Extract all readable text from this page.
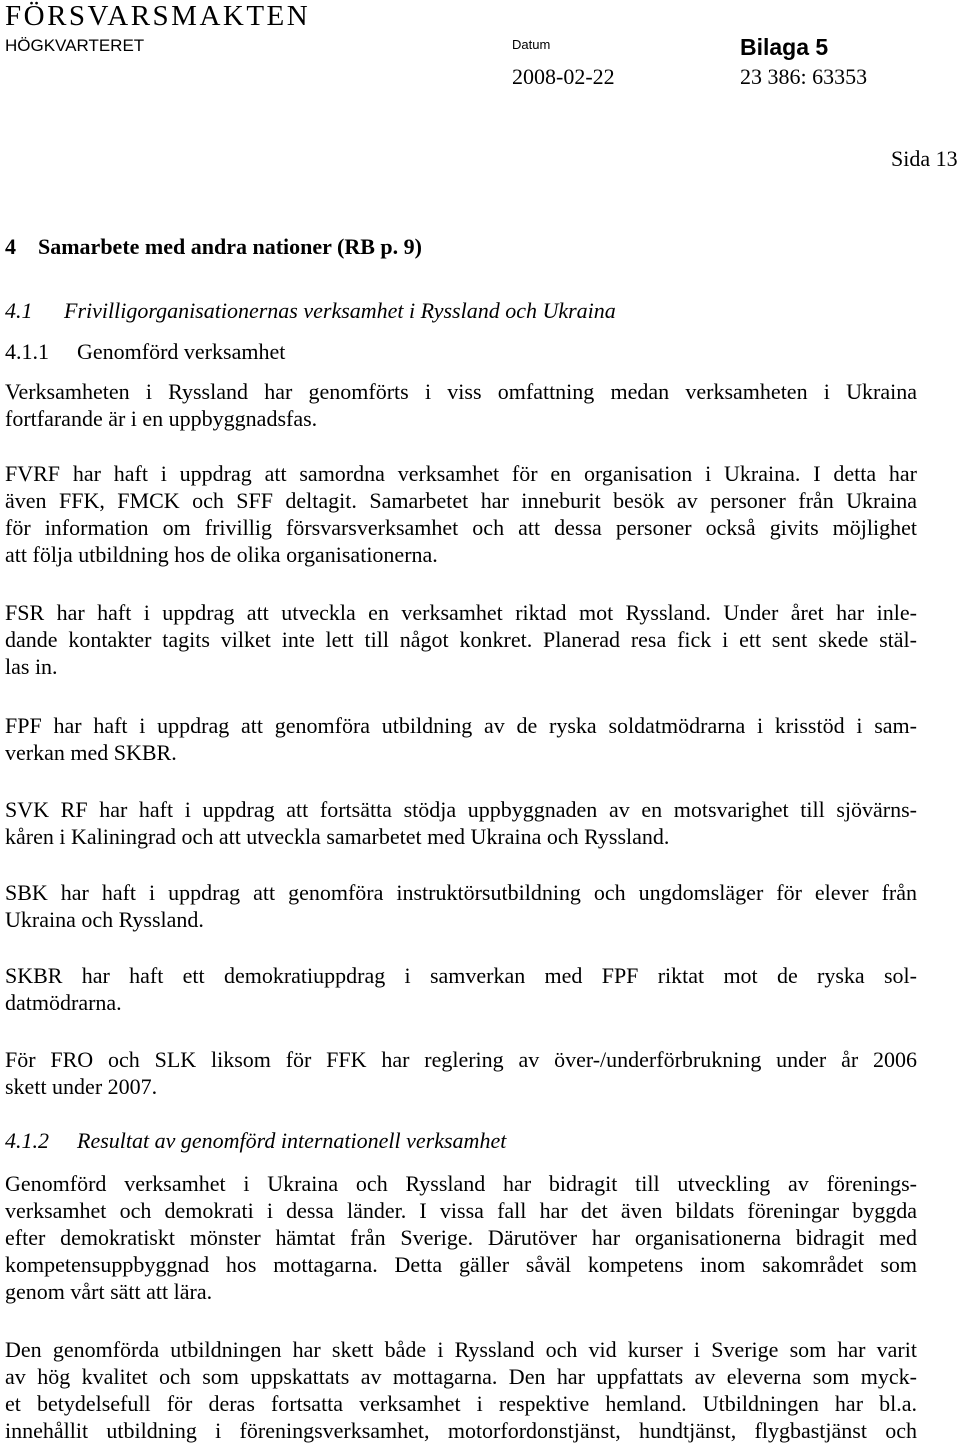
FÖRSVARSMAKTEN
HÖGKVARTERET	Datum	Bilaga 5
2008-02-22	23 386: 63353
Sida 13
4 Samarbete med andra nationer (RB p. 9)
4.1 Frivilligorganisationernas verksamhet i Ryssland och Ukraina
4.1.1 Genomförd verksamhet
Verksamheten i Ryssland har genomförts i viss omfattning medan verksamheten i Ukraina
fortfarande är i en uppbyggnadsfas.
FVRF har haft i uppdrag att samordna verksamhet för en organisation i Ukraina. I detta har
även FFK, FMCK och SFF deltagit. Samarbetet har inneburit besök av personer från Ukraina
för information om frivillig försvarsverksamhet och att dessa personer också givits möjlighet
att följa utbildning hos de olika organisationerna.
FSR har haft i uppdrag att utveckla en verksamhet riktad mot Ryssland. Under året har inle-
dande kontakter tagits vilket inte lett till något konkret. Planerad resa fick i ett sent skede stäl-
las in.
FPF har haft i uppdrag att genomföra utbildning av de ryska soldatmödrarna i krisstöd i sam-
verkan med SKBR.
SVK RF har haft i uppdrag att fortsätta stödja uppbyggnaden av en motsvarighet till sjövärns-
kåren i Kaliningrad och att utveckla samarbetet med Ukraina och Ryssland.
SBK har haft i uppdrag att genomföra instruktörsutbildning och ungdomsläger för elever från
Ukraina och Ryssland.
SKBR har haft ett demokratiuppdrag i samverkan med FPF riktat mot de ryska sol-
datmödrarna.
För FRO och SLK liksom för FFK har reglering av över-/underförbrukning under år 2006
skett under 2007.
4.1.2 Resultat av genomförd internationell verksamhet
Genomförd verksamhet i Ukraina och Ryssland har bidragit till utveckling av förenings-
verksamhet och demokrati i dessa länder. I vissa fall har det även bildats föreningar byggda
efter demokratiskt mönster hämtat från Sverige. Därutöver har organisationerna bidragit med
kompetensuppbyggnad hos mottagarna. Detta gäller såväl kompetens inom sakområdet som
genom vårt sätt att lära.
Den genomförda utbildningen har skett både i Ryssland och vid kurser i Sverige som har varit
av hög kvalitet och som uppskattats av mottagarna. Den har uppfattats av eleverna som myck-
et betydelsefull för deras fortsatta verksamhet i respektive hemland. Utbildningen har bl.a.
innehållit utbildning i föreningsverksamhet, motorfordonstjänst, hundtjänst, flygbastjänst och
